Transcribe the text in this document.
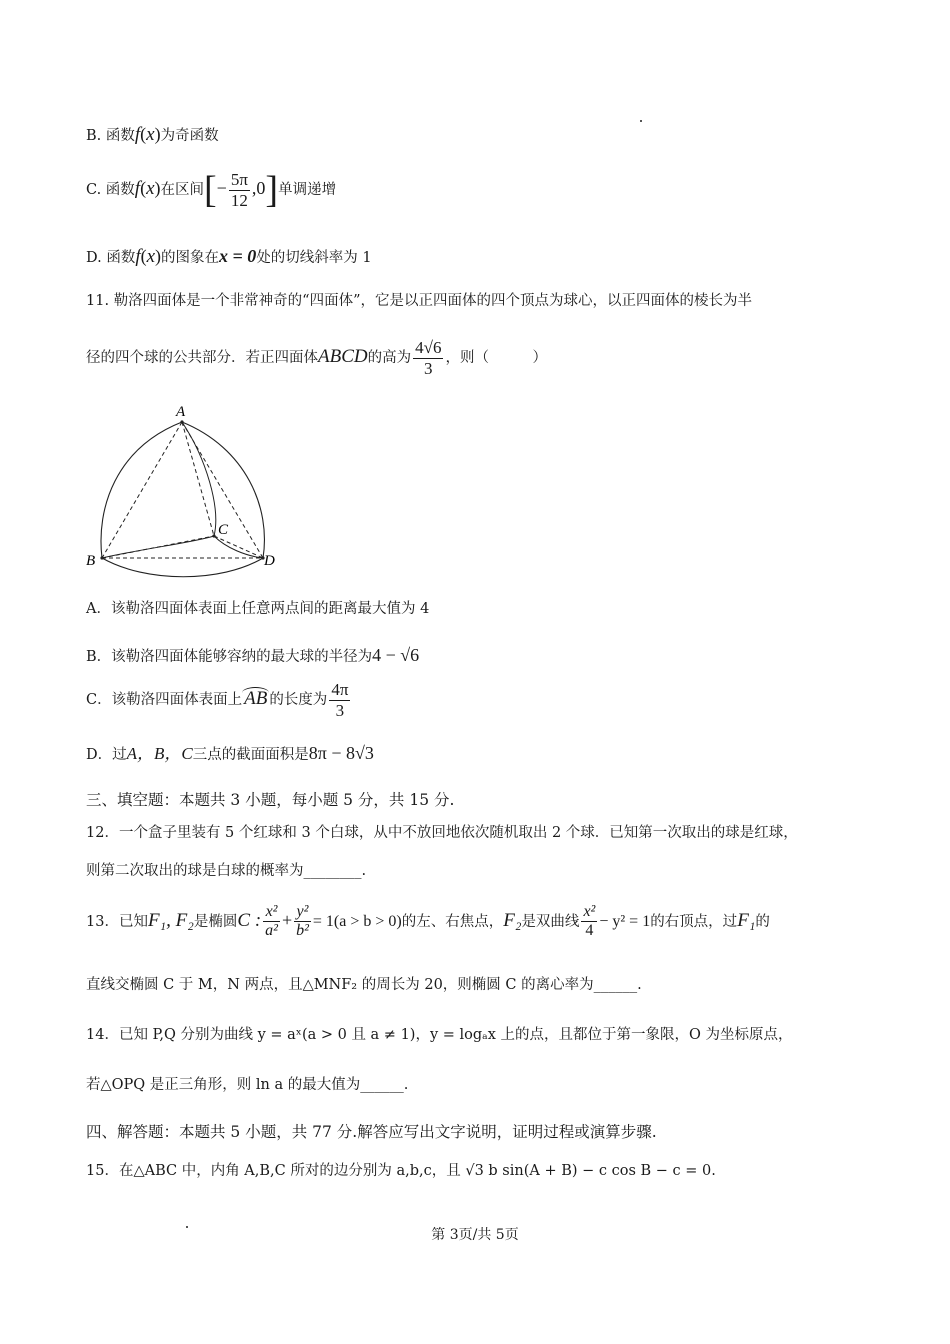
B. 函数f(x)为奇函数
C. 函数f(x)在区间[− $\frac{5\pi}{12} ,0$]单调递增
D. 函数f(x)的图象在x = 0处的切线斜率为 1
11. 勒洛四面体是一个非常神奇的“四面体”，它是以正四面体的四个顶点为球心，以正四面体的棱长为半
径的四个球的公共部分．若正四面体ABCD的高为 $\frac{4√6}{3}$ ，则（　　　）
A
B
C
D
A．该勒洛四面体表面上任意两点间的距离最大值为 4
B．该勒洛四面体能够容纳的最大球的半径为4 − √6
C．该勒洛四面体表面上 AB 的长度为 $\frac{4\pi}{3}$
D．过A，B，C三点的截面面积是8π − 8√3
三、填空题：本题共 3 小题，每小题 5 分，共 15 分.
12．一个盒子里装有 5 个红球和 3 个白球，从中不放回地依次随机取出 2 个球．已知第一次取出的球是红球，
则第二次取出的球是白球的概率为________.
13．已知F₁, F₂是椭圆C : $\frac{\text{x²}}{\text{a²}} + \frac{\text{y²}}{\text{b²}} = 1(a > b > 0)$的左、右焦点，F₂是双曲线 $\frac{\text{x²}}{4} - y^2 = 1$的右顶点，过F₁的
直线交椭圆 C 于 M，N 两点，且△MNF₂ 的周长为 20，则椭圆 C 的离心率为______.
14．已知 P,Q 分别为曲线 y = aˣ(a > 0 且 a ≠ 1)，y = logₐx 上的点，且都位于第一象限，O 为坐标原点，
若△OPQ 是正三角形，则 ln a 的最大值为______.
四、解答题：本题共 5 小题，共 77 分.解答应写出文字说明，证明过程或演算步骤.
15．在△ABC 中，内角 A,B,C 所对的边分别为 a,b,c，且 √3 b sin(A + B) − c cos B − c = 0.
第 3页/共 5页
